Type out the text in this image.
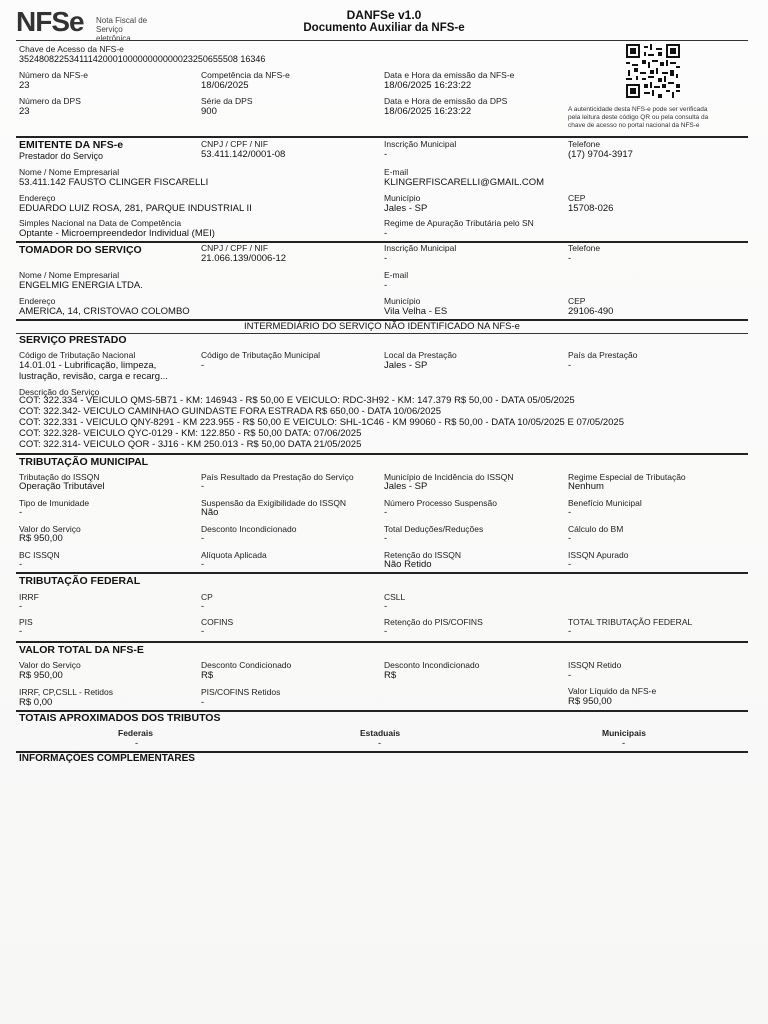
NFSe Nota Fiscal de
Serviço eletrônica
DANFSe v1.0
Documento Auxiliar da NFS-e
Chave de Acesso da NFS-e
35248082253411142000100000000000023250655508 16346
Número da NFS-e
23
Competência da NFS-e
18/06/2025
Data e Hora da emissão da NFS-e
18/06/2025 16:23:22
Número da DPS
23
Série da DPS
900
Data e Hora de emissão da DPS
18/06/2025 16:23:22	A autenticidade desta NFS-e pode ser verificada
pela leitura deste código QR ou pela consulta da
chave de acesso no portal nacional da NFS-e
EMITENTE DA NFS-e
Prestador do Serviço
CNPJ / CPF / NIF
53.411.142/0001-08
Inscrição Municipal
-
Telefone
(17) 9704-3917
Nome / Nome Empresarial
53.411.142 FAUSTO CLINGER FISCARELLI
E-mail
KLINGERFISCARELLI@GMAIL.COM
Endereço
EDUARDO LUIZ ROSA, 281, PARQUE INDUSTRIAL II
Município
Jales - SP
CEP
15708-026
Simples Nacional na Data de Competência
Optante - Microempreendedor Individual (MEI)
Regime de Apuração Tributária pelo SN
-
TOMADOR DO SERVIÇO	CNPJ / CPF / NIF
21.066.139/0006-12
Inscrição Municipal
-
Telefone
-
Nome / Nome Empresarial
ENGELMIG ENERGIA LTDA.
E-mail
-
Endereço
AMERICA, 14, CRISTOVAO COLOMBO
Município
Vila Velha - ES
CEP
29106-490
INTERMEDIÁRIO DO SERVIÇO NÃO IDENTIFICADO NA NFS-e
SERVIÇO PRESTADO
Código de Tributação Nacional
14.01.01 - Lubrificação, limpeza,
lustração, revisão, carga e recarg...
Código de Tributação Municipal
-
Local da Prestação
Jales - SP
País da Prestação
-
Descrição do Serviço
COT: 322.334 - VEICULO QMS-5B71 - KM: 146943 - R$ 50,00 E VEICULO: RDC-3H92 - KM: 147.379 R$ 50,00 - DATA 05/05/2025
COT: 322.342- VEICULO CAMINHAO GUINDASTE FORA ESTRADA R$ 650,00 - DATA 10/06/2025
COT: 322.331 - VEICULO QNY-8291 - KM 223.955 - R$ 50,00 E VEICULO: SHL-1C46 - KM 99060 - R$ 50,00 - DATA 10/05/2025 E 07/05/2025
COT: 322.328- VEICULO QYC-0129 - KM: 122.850 - R$ 50,00 DATA: 07/06/2025
COT: 322.314- VEICULO QOR - 3J16 - KM 250.013 - R$ 50,00 DATA 21/05/2025
TRIBUTAÇÃO MUNICIPAL
Tributação do ISSQN
Operação Tributável
País Resultado da Prestação do Serviço
-
Município de Incidência do ISSQN
Jales - SP
Regime Especial de Tributação
Nenhum
Tipo de Imunidade
-
Suspensão da Exigibilidade do ISSQN
Não
Número Processo Suspensão
-
Benefício Municipal
-
Valor do Serviço
R$ 950,00
Desconto Incondicionado
-
Total Deduções/Reduções
-
Cálculo do BM
-
BC ISSQN
-
Alíquota Aplicada
-
Retenção do ISSQN
Não Retido
ISSQN Apurado
-
TRIBUTAÇÃO FEDERAL
IRRF
-
CP
-
CSLL
-
PIS
-
COFINS
-
Retenção do PIS/COFINS
-
TOTAL TRIBUTAÇÃO FEDERAL
-
VALOR TOTAL DA NFS-E
Valor do Serviço
R$ 950,00
Desconto Condicionado
R$
Desconto Incondicionado
R$
ISSQN Retido
-
IRRF, CP,CSLL - Retidos
R$ 0,00
PIS/COFINS Retidos
-
Valor Líquido da NFS-e
R$ 950,00
TOTAIS APROXIMADOS DOS TRIBUTOS
Federais
-
Estaduais
-
Municipais
-
INFORMAÇÕES COMPLEMENTARES
